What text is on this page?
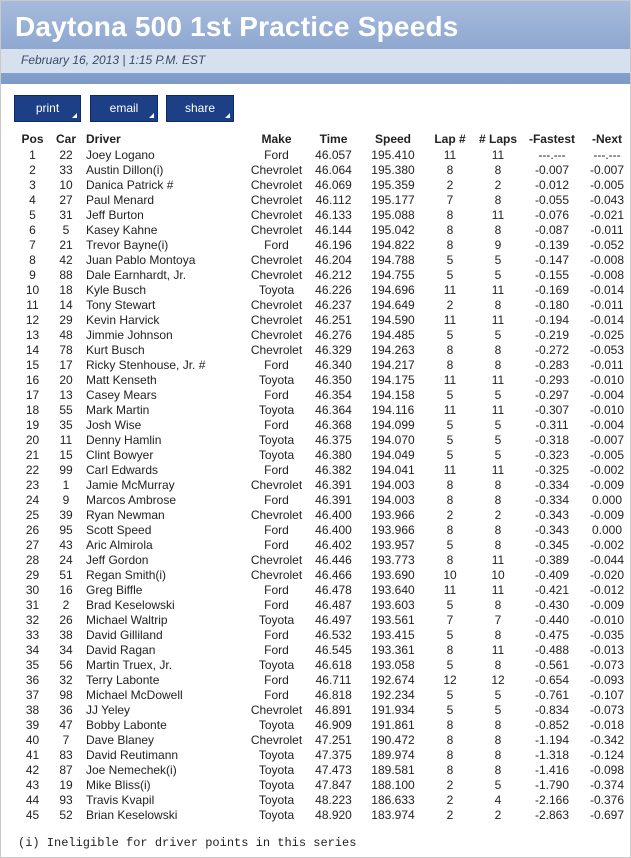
Daytona 500 1st Practice Speeds
February 16, 2013 | 1:15 P.M. EST
print	email	share
Pos	Car	Driver	Make	Time	Speed	Lap #	# Laps	-Fastest	-Next
1	22	Joey Logano	Ford	46.057	195.410	11	11	---.---	---.---
2	33	Austin Dillon(i)	Chevrolet	46.064	195.380	8	8	-0.007	-0.007
3	10	Danica Patrick #	Chevrolet	46.069	195.359	2	2	-0.012	-0.005
4	27	Paul Menard	Chevrolet	46.112	195.177	7	8	-0.055	-0.043
5	31	Jeff Burton	Chevrolet	46.133	195.088	8	11	-0.076	-0.021
6	5	Kasey Kahne	Chevrolet	46.144	195.042	8	8	-0.087	-0.011
7	21	Trevor Bayne(i)	Ford	46.196	194.822	8	9	-0.139	-0.052
8	42	Juan Pablo Montoya	Chevrolet	46.204	194.788	5	5	-0.147	-0.008
9	88	Dale Earnhardt, Jr.	Chevrolet	46.212	194.755	5	5	-0.155	-0.008
10	18	Kyle Busch	Toyota	46.226	194.696	11	11	-0.169	-0.014
11	14	Tony Stewart	Chevrolet	46.237	194.649	2	8	-0.180	-0.011
12	29	Kevin Harvick	Chevrolet	46.251	194.590	11	11	-0.194	-0.014
13	48	Jimmie Johnson	Chevrolet	46.276	194.485	5	5	-0.219	-0.025
14	78	Kurt Busch	Chevrolet	46.329	194.263	8	8	-0.272	-0.053
15	17	Ricky Stenhouse, Jr. #	Ford	46.340	194.217	8	8	-0.283	-0.011
16	20	Matt Kenseth	Toyota	46.350	194.175	11	11	-0.293	-0.010
17	13	Casey Mears	Ford	46.354	194.158	5	5	-0.297	-0.004
18	55	Mark Martin	Toyota	46.364	194.116	11	11	-0.307	-0.010
19	35	Josh Wise	Ford	46.368	194.099	5	5	-0.311	-0.004
20	11	Denny Hamlin	Toyota	46.375	194.070	5	5	-0.318	-0.007
21	15	Clint Bowyer	Toyota	46.380	194.049	5	5	-0.323	-0.005
22	99	Carl Edwards	Ford	46.382	194.041	11	11	-0.325	-0.002
23	1	Jamie McMurray	Chevrolet	46.391	194.003	8	8	-0.334	-0.009
24	9	Marcos Ambrose	Ford	46.391	194.003	8	8	-0.334	0.000
25	39	Ryan Newman	Chevrolet	46.400	193.966	2	2	-0.343	-0.009
26	95	Scott Speed	Ford	46.400	193.966	8	8	-0.343	0.000
27	43	Aric Almirola	Ford	46.402	193.957	5	8	-0.345	-0.002
28	24	Jeff Gordon	Chevrolet	46.446	193.773	8	11	-0.389	-0.044
29	51	Regan Smith(i)	Chevrolet	46.466	193.690	10	10	-0.409	-0.020
30	16	Greg Biffle	Ford	46.478	193.640	11	11	-0.421	-0.012
31	2	Brad Keselowski	Ford	46.487	193.603	5	8	-0.430	-0.009
32	26	Michael Waltrip	Toyota	46.497	193.561	7	7	-0.440	-0.010
33	38	David Gilliland	Ford	46.532	193.415	5	8	-0.475	-0.035
34	34	David Ragan	Ford	46.545	193.361	8	11	-0.488	-0.013
35	56	Martin Truex, Jr.	Toyota	46.618	193.058	5	8	-0.561	-0.073
36	32	Terry Labonte	Ford	46.711	192.674	12	12	-0.654	-0.093
37	98	Michael McDowell	Ford	46.818	192.234	5	5	-0.761	-0.107
38	36	JJ Yeley	Chevrolet	46.891	191.934	5	5	-0.834	-0.073
39	47	Bobby Labonte	Toyota	46.909	191.861	8	8	-0.852	-0.018
40	7	Dave Blaney	Chevrolet	47.251	190.472	8	8	-1.194	-0.342
41	83	David Reutimann	Toyota	47.375	189.974	8	8	-1.318	-0.124
42	87	Joe Nemechek(i)	Toyota	47.473	189.581	8	8	-1.416	-0.098
43	19	Mike Bliss(i)	Toyota	47.847	188.100	2	5	-1.790	-0.374
44	93	Travis Kvapil	Toyota	48.223	186.633	2	4	-2.166	-0.376
45	52	Brian Keselowski	Toyota	48.920	183.974	2	2	-2.863	-0.697
(i) Ineligible for driver points in this series
